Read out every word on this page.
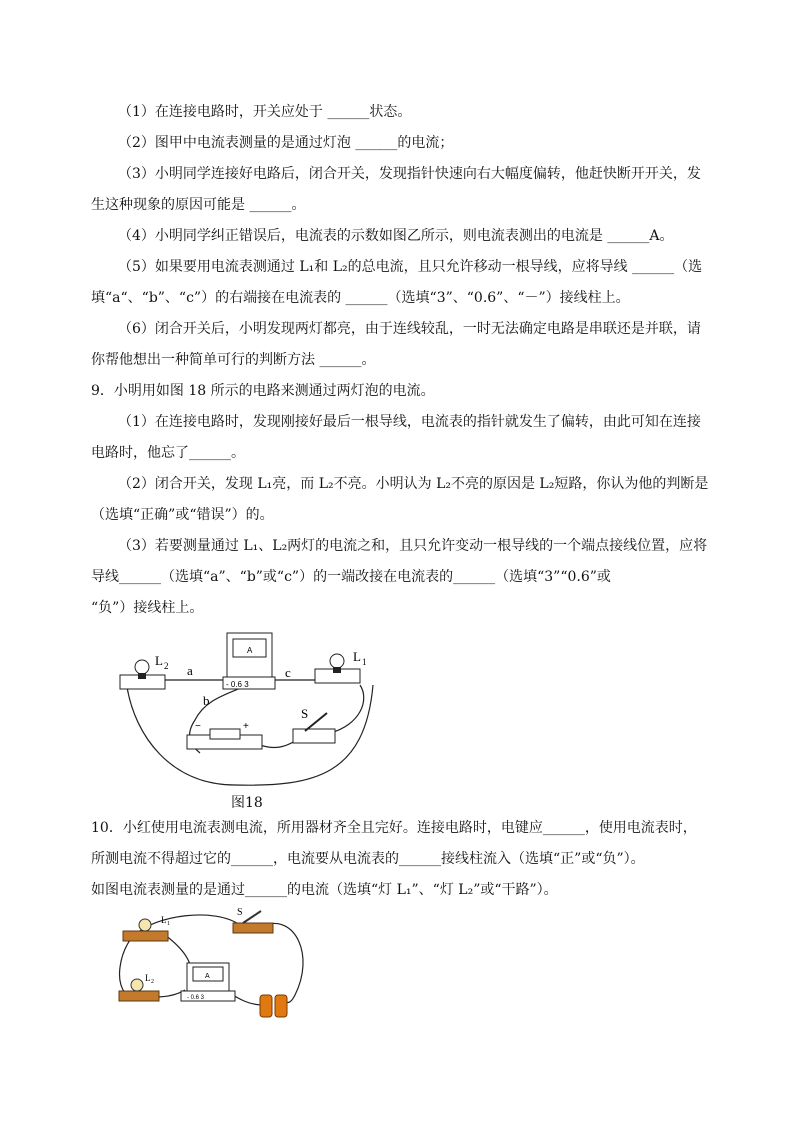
（1）在连接电路时，开关应处于 ______状态。
（2）图甲中电流表测量的是通过灯泡 ______的电流；
（3）小明同学连接好电路后，闭合开关，发现指针快速向右大幅度偏转，他赶快断开开关，发
生这种现象的原因可能是 ______。
（4）小明同学纠正错误后，电流表的示数如图乙所示，则电流表测出的电流是 ______A。
（5）如果要用电流表测通过 L₁和 L₂的总电流，且只允许移动一根导线，应将导线 ______（选
填“a“、“b”、“c”）的右端接在电流表的 ______（选填“3”、“0.6”、“－”）接线柱上。
（6）闭合开关后，小明发现两灯都亮，由于连线较乱，一时无法确定电路是串联还是并联，请
你帮他想出一种简单可行的判断方法 ______。
9．小明用如图 18 所示的电路来测通过两灯泡的电流。
（1）在连接电路时，发现刚接好最后一根导线，电流表的指针就发生了偏转，由此可知在连接
电路时，他忘了______。
（2）闭合开关，发现 L₁亮，而 L₂不亮。小明认为 L₂不亮的原因是 L₂短路，你认为他的判断是
（选填“正确”或“错误”）的。
（3）若要测量通过 L₁、L₂两灯的电流之和，且只允许变动一根导线的一个端点接线位置，应将
导线______（选填“a”、“b”或“c”）的一端改接在电流表的______（选填“3”“0.6”或
“负”）接线柱上。
L 2
L 1
A
- 0.6 3
a
b
c
−	+
S
图18
10．小红使用电流表测电流，所用器材齐全且完好。连接电路时，电键应______，使用电流表时，
所测电流不得超过它的______，电流要从电流表的______接线柱流入（选填“正”或“负”）。
如图电流表测量的是通过______的电流（选填“灯 L₁”、“灯 L₂”或“干路”）。
L 1
L 2
S
A
- 0.6 3
